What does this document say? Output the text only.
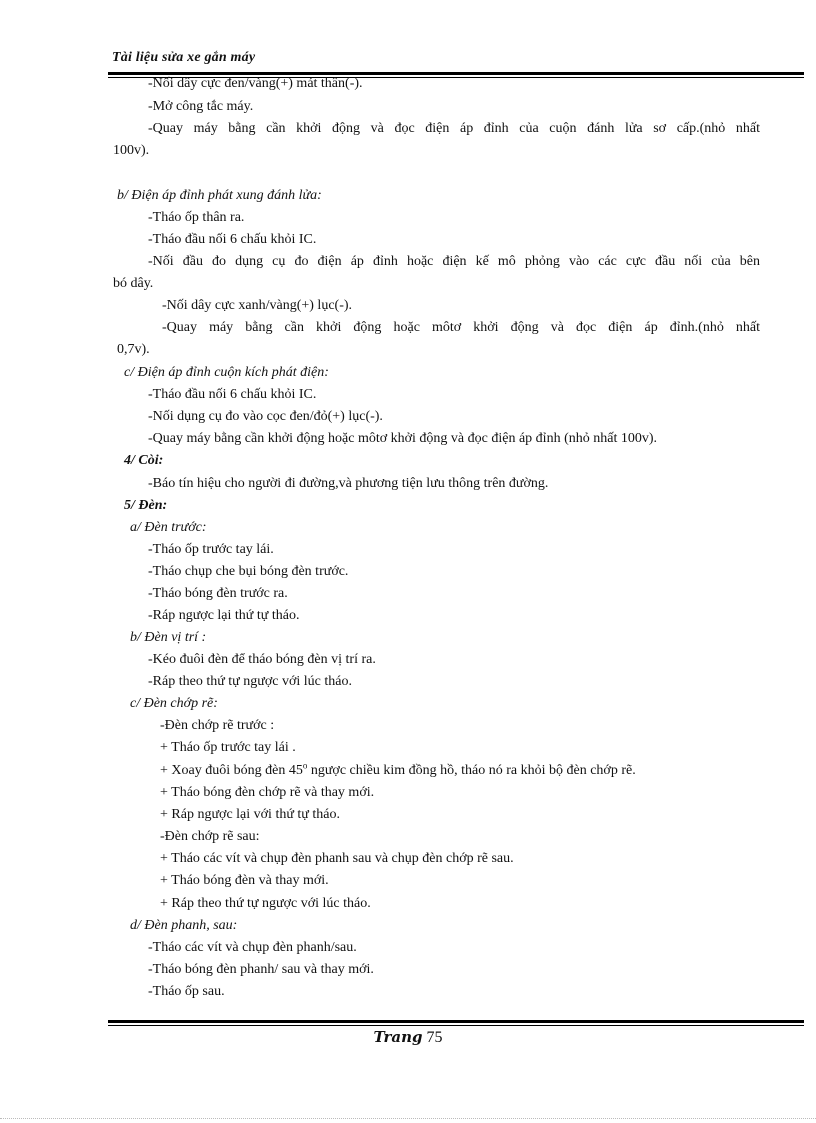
Tài liệu sửa xe gắn máy
-Nối dây cực đen/vàng(+) mát thân(-).
-Mở công tắc máy.
-Quay máy bằng cần khởi động và đọc điện áp đỉnh của cuộn đánh lửa sơ cấp.(nhỏ nhất
100v).
b/ Điện áp đỉnh phát xung đánh lửa:
-Tháo ốp thân ra.
-Tháo đầu nối 6 chấu khỏi IC.
-Nối đầu đo dụng cụ đo điện áp đỉnh hoặc điện kế mô phỏng vào các cực đầu nối của bên
bó dây.
-Nối dây cực xanh/vàng(+) lục(-).
-Quay máy bằng cần khởi động hoặc môtơ khởi động và đọc điện áp đỉnh.(nhỏ nhất
0,7v).
c/ Điện áp đỉnh cuộn kích phát điện:
-Tháo đầu nối 6 chấu khỏi IC.
-Nối dụng cụ đo vào cọc đen/đỏ(+) lục(-).
-Quay máy bằng cần khởi động hoặc môtơ khởi động và đọc điện áp đỉnh (nhỏ nhất 100v).
4/ Còi:
-Báo tín hiệu cho người đi đường,và phương tiện lưu thông trên đường.
5/ Đèn:
a/ Đèn trước:
-Tháo ốp trước tay lái.
-Tháo chụp che bụi bóng đèn trước.
-Tháo bóng đèn trước ra.
-Ráp ngược lại thứ tự tháo.
b/ Đèn vị trí :
-Kéo đuôi đèn để tháo bóng đèn vị trí ra.
-Ráp theo thứ tự ngược với lúc tháo.
c/ Đèn chớp rẽ:
-Đèn chớp rẽ trước :
+ Tháo ốp trước tay lái .
+ Xoay đuôi bóng đèn 45$^o$ ngược chiều kim đồng hồ, tháo nó ra khỏi bộ đèn chớp rẽ.
+ Tháo bóng đèn chớp rẽ và thay mới.
+ Ráp ngược lại với thứ tự tháo.
-Đèn chớp rẽ sau:
+ Tháo các vít và chụp đèn phanh sau và chụp đèn chớp rẽ sau.
+ Tháo bóng đèn và thay mới.
+ Ráp theo thứ tự ngược với lúc tháo.
d/ Đèn phanh, sau:
-Tháo các vít và chụp đèn phanh/sau.
-Tháo bóng đèn phanh/ sau và thay mới.
-Tháo ốp sau.
Trang 75
